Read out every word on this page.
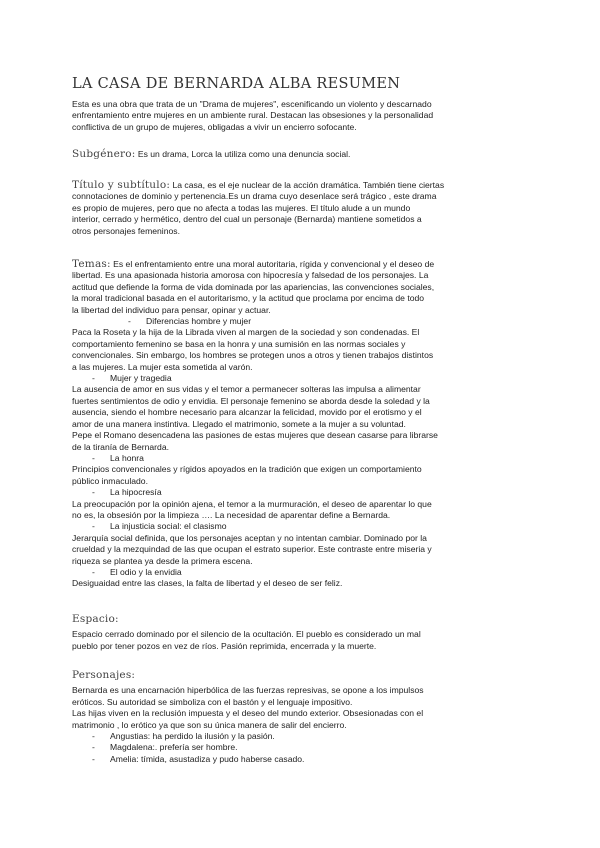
LA CASA DE BERNARDA ALBA RESUMEN

Esta es una obra que trata de un "Drama de mujeres", escenificando un violento y descarnado

enfrentamiento entre mujeres en un ambiente rural. Destacan las obsesiones y la personalidad

conflictiva de un grupo de mujeres, obligadas a vivir un encierro sofocante.

Subgénero: Es un drama, Lorca la utiliza como una denuncia social.

Título y subtítulo: La casa, es el eje nuclear de la acción dramática. También tiene ciertas

connotaciones de dominio y pertenencia.Es un drama cuyo desenlace será trágico , este drama

es propio de mujeres, pero que no afecta a todas las mujeres. El título alude a un mundo

interior, cerrado y hermético, dentro del cual un personaje (Bernarda) mantiene sometidos a

otros personajes femeninos.

Temas: Es el enfrentamiento entre una moral autoritaria, rígida y convencional y el deseo de

libertad. Es una apasionada historia amorosa con hipocresía y falsedad de los personajes. La

actitud que defiende la forma de vida dominada por las apariencias, las convenciones sociales,

la moral tradicional basada en el autoritarismo, y la actitud que proclama por encima de todo

la libertad del individuo para pensar, opinar y actuar.

- Diferencias hombre y mujer

Paca la Roseta y la hija de la Librada viven al margen de la sociedad y son condenadas. El

comportamiento femenino se basa en la honra y una sumisión en las normas sociales y

convencionales. Sin embargo, los hombres se protegen unos a otros y tienen trabajos distintos

a las mujeres. La mujer esta sometida al varón.

- Mujer y tragedia

La ausencia de amor en sus vidas y el temor a permanecer solteras las impulsa a alimentar

fuertes sentimientos de odio y envidia. El personaje femenino se aborda desde la soledad y la

ausencia, siendo el hombre necesario para alcanzar la felicidad, movido por el erotismo y el

amor de una manera instintiva. Llegado el matrimonio, somete a la mujer a su voluntad.

Pepe el Romano desencadena las pasiones de estas mujeres que desean casarse para librarse

de la tiranía de Bernarda.

- La honra

Principios convencionales y rígidos apoyados en la tradición que exigen un comportamiento

público inmaculado.

- La hipocresía

La preocupación por la opinión ajena, el temor a la murmuración, el deseo de aparentar lo que

no es, la obsesión por la limpieza …. La necesidad de aparentar define a Bernarda.

- La injusticia social: el clasismo

Jerarquía social definida, que los personajes aceptan y no intentan cambiar. Dominado por la

crueldad y la mezquindad de las que ocupan el estrato superior. Este contraste entre miseria y

riqueza se plantea ya desde la primera escena.

- El odio y la envidia

Desiguaidad entre las clases, la falta de libertad y el deseo de ser feliz.

Espacio:

Espacio cerrado dominado por el silencio de la ocultación. El pueblo es considerado un mal

pueblo por tener pozos en vez de ríos. Pasión reprimida, encerrada y la muerte.

Personajes:

Bernarda es una encarnación hiperbólica de las fuerzas represivas, se opone a los impulsos

eróticos. Su autoridad se simboliza con el bastón y el lenguaje impositivo.

Las hijas viven en la reclusión impuesta y el deseo del mundo exterior. Obsesionadas con el

matrimonio , lo erótico ya que son su única manera de salir del encierro.

- Angustias: ha perdido la ilusión y la pasión.

- Magdalena:. prefería ser hombre.

- Amelia: tímida, asustadiza y pudo haberse casado.
